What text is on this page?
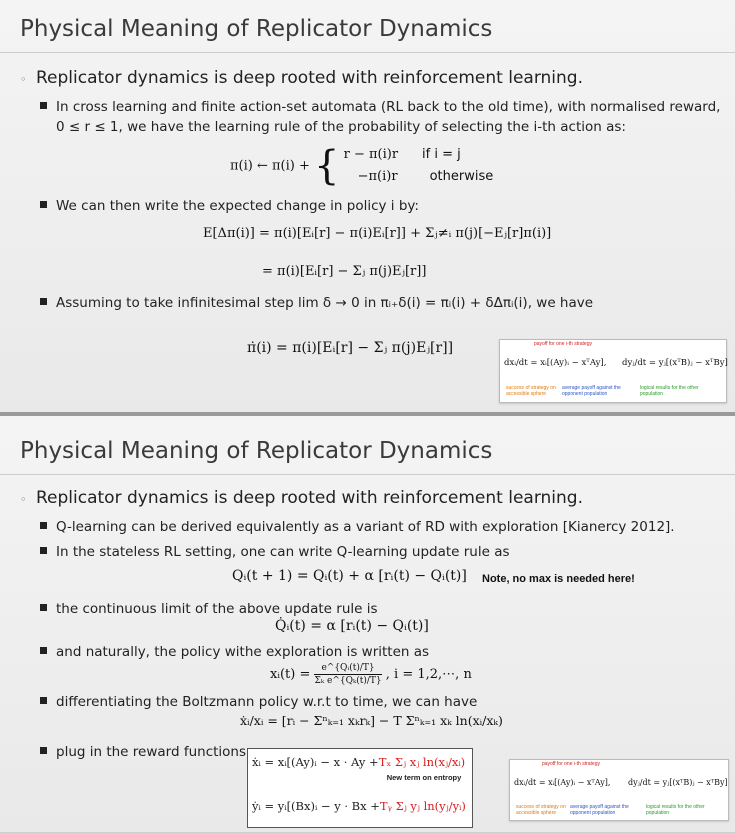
Physical Meaning of Replicator Dynamics
◦ Replicator dynamics is deep rooted with reinforcement learning.
In cross learning and finite action-set automata (RL back to the old time), with normalised reward,
0 ≤ r ≤ 1, we have the learning rule of the probability of selecting the i-th action as:
π(i) ← π(i) + { r − π(i)r if i = j
−π(i)r otherwise
We can then write the expected change in policy i by:
E[Δπ(i)] = π(i)[Eᵢ[r] − π(i)Eᵢ[r]] + Σⱼ≠ᵢ π(j)[−Eⱼ[r]π(i)]
= π(i)[Eᵢ[r] − Σⱼ π(j)Eⱼ[r]]
Assuming to take infinitesimal step lim δ → 0 in πᵢ₊δ(i) = πᵢ(i) + δΔπᵢ(i), we have
π̇(i) = π(i)[Eᵢ[r] − Σⱼ π(j)Eⱼ[r]]	payoff for one i-th strategy
dxᵢ/dt = xᵢ[(Ay)ᵢ − xᵀAy], dyⱼ/dt = yⱼ[(xᵀB)ⱼ − xᵀBy]
success of strategy on accessible sphere
average payoff against the opponent population
logical results for the other population
Physical Meaning of Replicator Dynamics
◦ Replicator dynamics is deep rooted with reinforcement learning.
Q-learning can be derived equivalently as a variant of RD with exploration [Kianercy 2012].
In the stateless RL setting, one can write Q-learning update rule as
Qᵢ(t + 1) = Qᵢ(t) + α [rᵢ(t) − Qᵢ(t)] Note, no max is needed here!
the continuous limit of the above update rule is
Q̇ᵢ(t) = α [rᵢ(t) − Qᵢ(t)]
and naturally, the policy withe exploration is written as
xᵢ(t) = $\frac{\text{e\textasciicircum{}\{Qᵢ(t)/T\}}}{\text{Σₖ e\textasciicircum{}\{Qₖ(t)/T\}}}$ , i = 1,2,⋯, n
differentiating the Boltzmann policy w.r.t to time, we can have
ẋᵢ/xᵢ = [rᵢ − Σⁿₖ₌₁ xₖrₖ] − T Σⁿₖ₌₁ xₖ ln(xᵢ/xₖ)
plug in the reward functions
ẋᵢ = xᵢ[(Ay)ᵢ − x · Ay +Tₓ Σⱼ xⱼ ln(xⱼ/xᵢ)
New term on entropy
ẏᵢ = yᵢ[(Bx)ᵢ − y · Bx +Tᵧ Σⱼ yⱼ ln(yⱼ/yᵢ)
payoff for one i-th strategy
dxᵢ/dt = xᵢ[(Ay)ᵢ − xᵀAy], dyⱼ/dt = yⱼ[(xᵀB)ⱼ − xᵀBy]
success of strategy on accessible sphere
average payoff against the opponent population
logical results for the other population
